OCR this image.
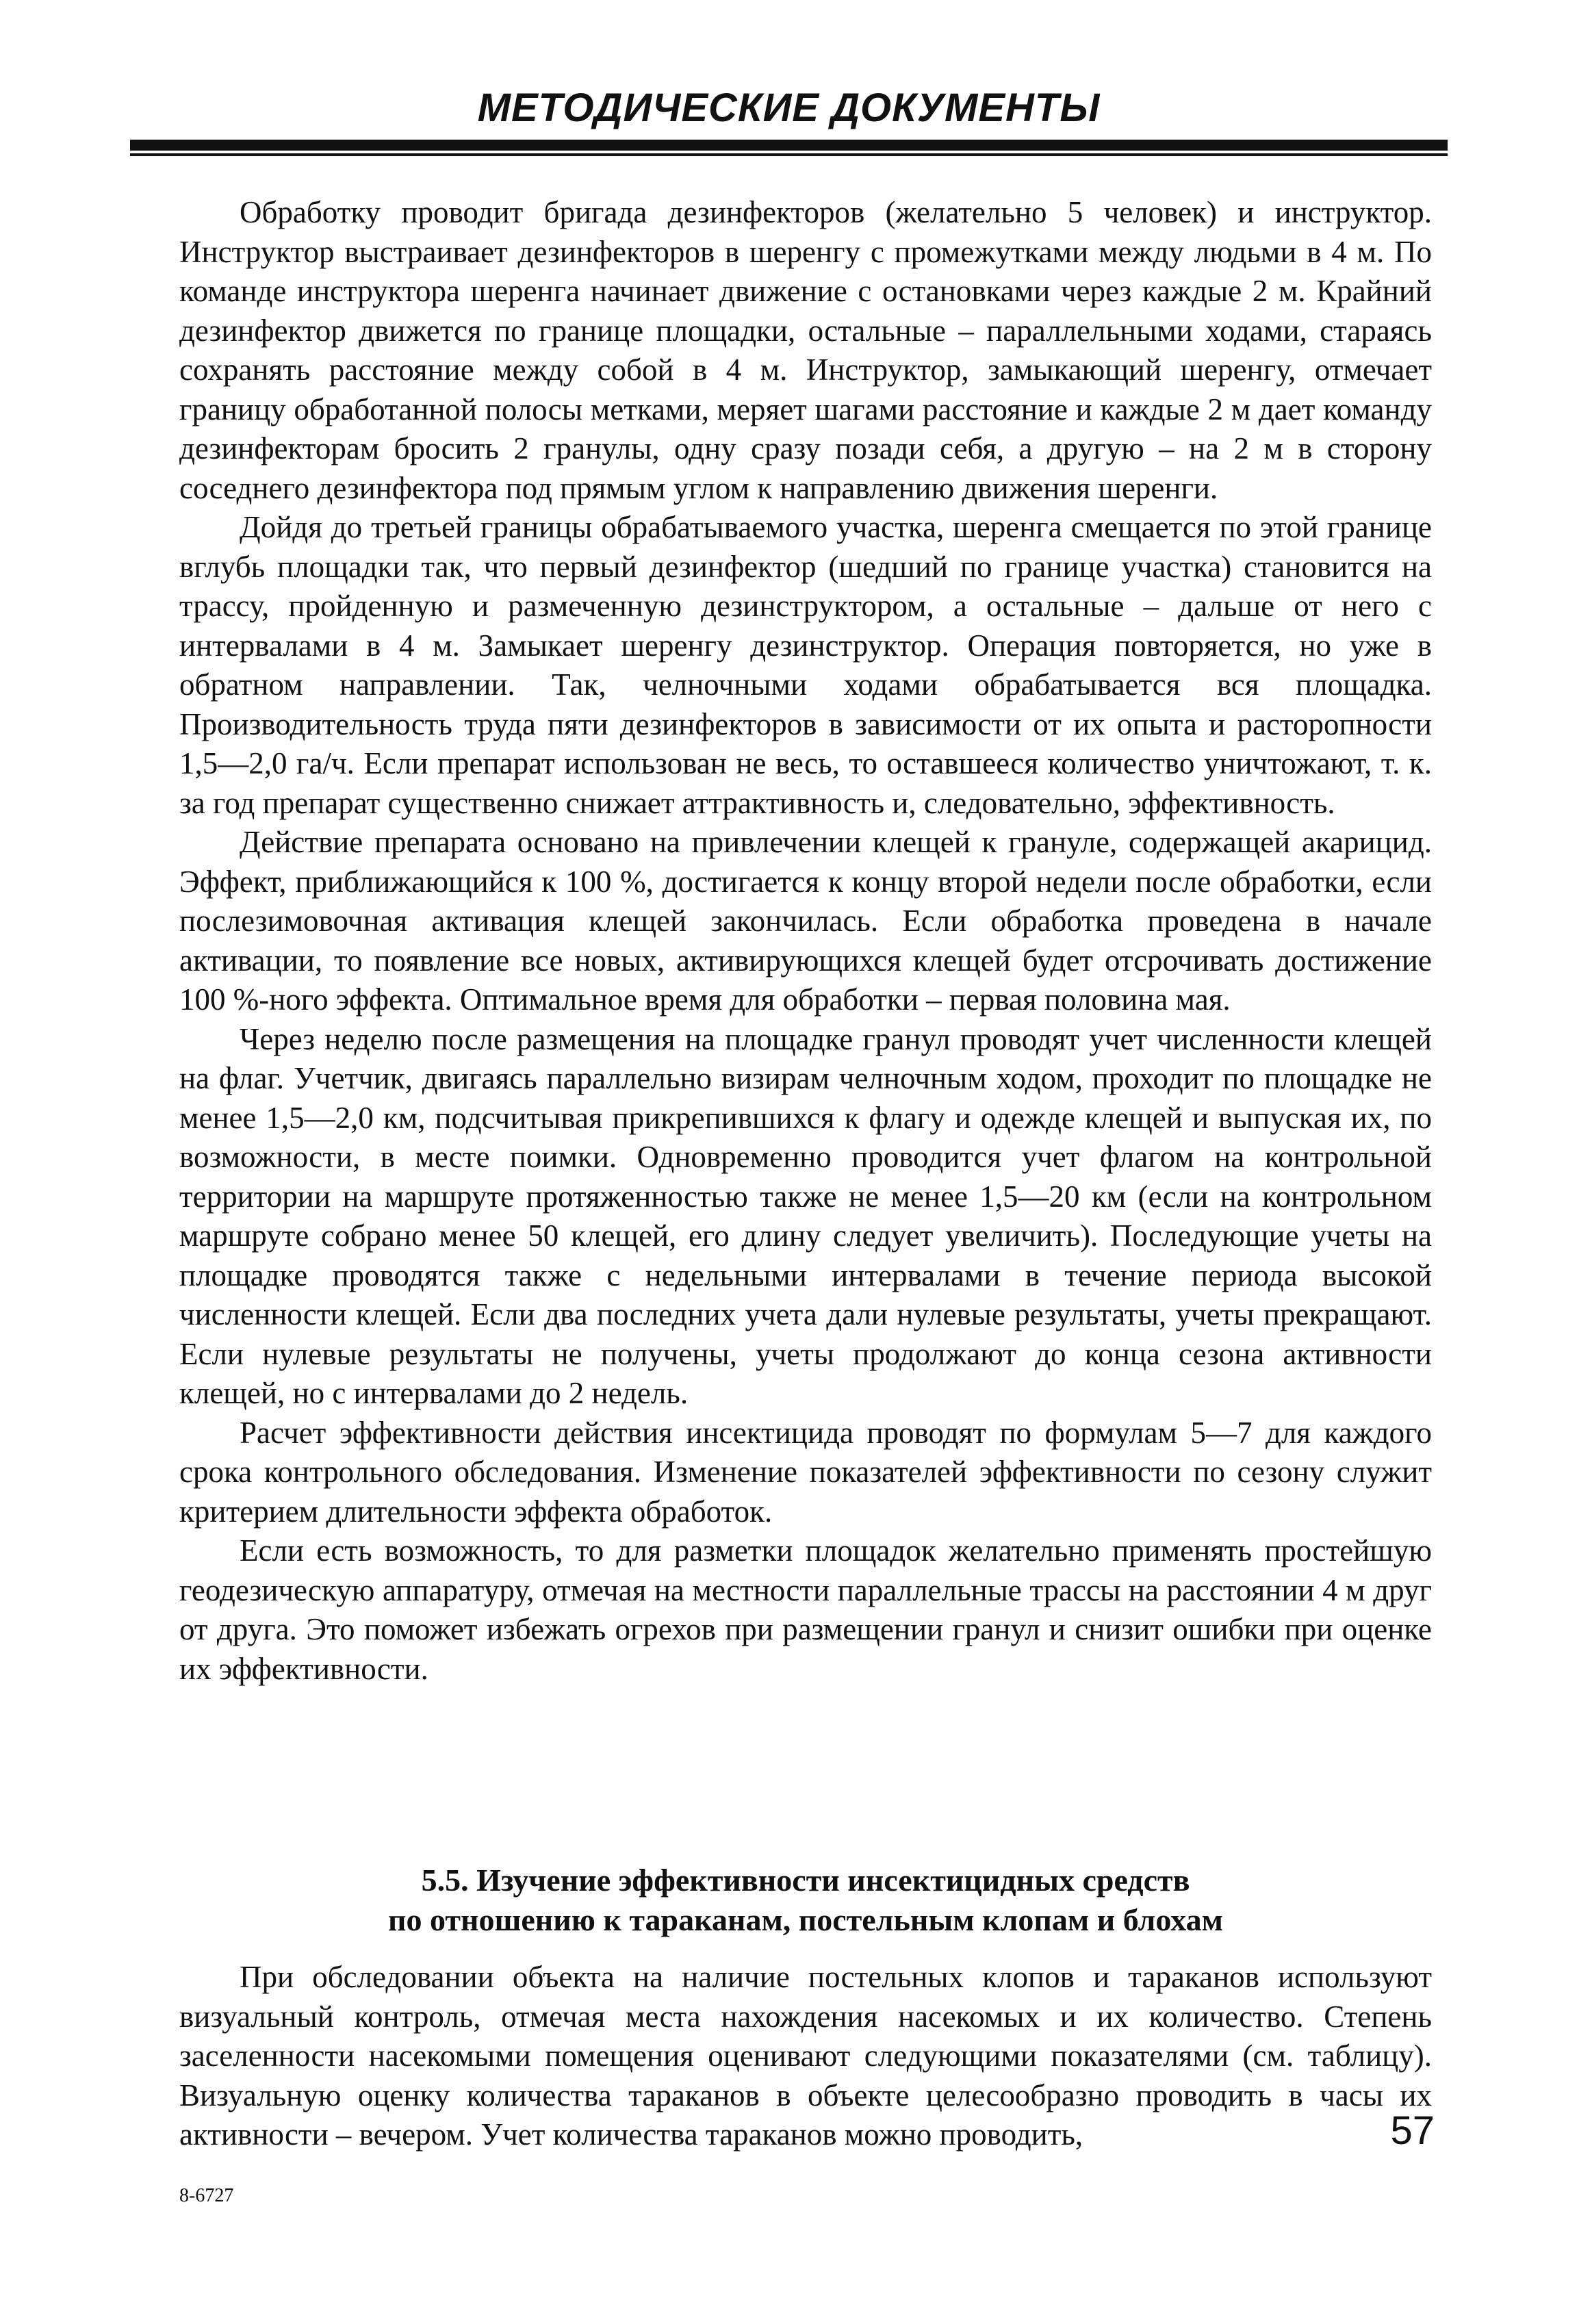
МЕТОДИЧЕСКИЕ ДОКУМЕНТЫ

Обработку проводит бригада дезинфекторов (желательно 5 человек) и инструктор. Инструктор выстраивает дезинфекторов в шеренгу с промежутками между людьми в 4 м. По команде инструктора шеренга начинает движение с остановками через каждые 2 м. Крайний дезинфектор движется по границе площадки, остальные – параллельными ходами, стараясь сохранять расстояние между собой в 4 м. Инструктор, замыкающий шеренгу, отмечает границу обработанной полосы метками, меряет шагами расстояние и каждые 2 м дает команду дезинфекторам бросить 2 гранулы, одну сразу позади себя, а другую – на 2 м в сторону соседнего дезинфектора под прямым углом к направлению движения шеренги.

Дойдя до третьей границы обрабатываемого участка, шеренга смещается по этой границе вглубь площадки так, что первый дезинфектор (шедший по границе участка) становится на трассу, пройденную и размеченную дезинструктором, а остальные – дальше от него с интервалами в 4 м. Замыкает шеренгу дезинструктор. Операция повторяется, но уже в обратном направлении. Так, челночными ходами обрабатывается вся площадка. Производительность труда пяти дезинфекторов в зависимости от их опыта и расторопности 1,5—2,0 га/ч. Если препарат использован не весь, то оставшееся количество уничтожают, т. к. за год препарат существенно снижает аттрактивность и, следовательно, эффективность.

Действие препарата основано на привлечении клещей к грануле, содержащей акарицид. Эффект, приближающийся к 100 %, достигается к концу второй недели после обработки, если послезимовочная активация клещей закончилась. Если обработка проведена в начале активации, то появление все новых, активирующихся клещей будет отсрочивать достижение 100 %-ного эффекта. Оптимальное время для обработки – первая половина мая.

Через неделю после размещения на площадке гранул проводят учет численности клещей на флаг. Учетчик, двигаясь параллельно визирам челночным ходом, проходит по площадке не менее 1,5—2,0 км, подсчитывая прикрепившихся к флагу и одежде клещей и выпуская их, по возможности, в месте поимки. Одновременно проводится учет флагом на контрольной территории на маршруте протяженностью также не менее 1,5—20 км (если на контрольном маршруте собрано менее 50 клещей, его длину следует увеличить). Последующие учеты на площадке проводятся также с недельными интервалами в течение периода высокой численности клещей. Если два последних учета дали нулевые результаты, учеты прекращают. Если нулевые результаты не получены, учеты продолжают до конца сезона активности клещей, но с интервалами до 2 недель.

Расчет эффективности действия инсектицида проводят по формулам 5—7 для каждого срока контрольного обследования. Изменение показателей эффективности по сезону служит критерием длительности эффекта обработок.

Если есть возможность, то для разметки площадок желательно применять простейшую геодезическую аппаратуру, отмечая на местности параллельные трассы на расстоянии 4 м друг от друга. Это поможет избежать огрехов при размещении гранул и снизит ошибки при оценке их эффективности.

5.5. Изучение эффективности инсектицидных средств
по отношению к тараканам, постельным клопам и блохам

При обследовании объекта на наличие постельных клопов и тараканов используют визуальный контроль, отмечая места нахождения насекомых и их количество. Степень заселенности насекомыми помещения оценивают следующими показателями (см. таблицу). Визуальную оценку количества тараканов в объекте целесообразно проводить в часы их активности – вечером. Учет количества тараканов можно проводить,	57
8-6727
